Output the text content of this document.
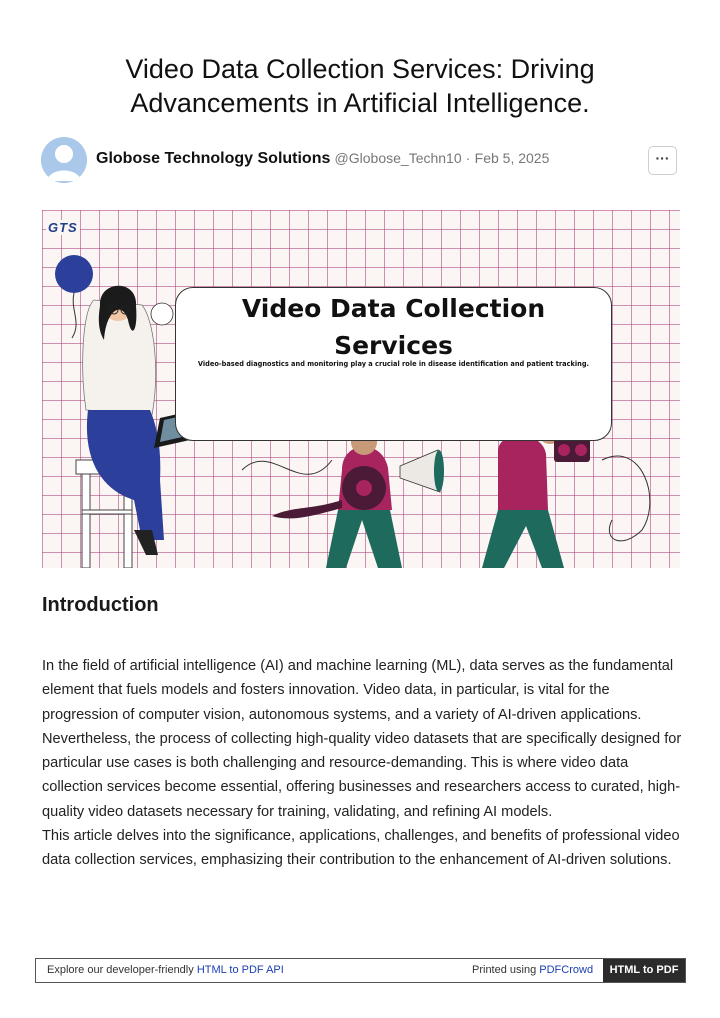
Video Data Collection Services: Driving
Advancements in Artificial Intelligence.
Globose Technology Solutions @Globose_Techn10 · Feb 5, 2025	···
GTS
Video Data Collection
Services
Video-based diagnostics and monitoring play a crucial role in disease identification and patient tracking.
Introduction

In the field of artificial intelligence (AI) and machine learning (ML), data serves as the fundamental element that fuels models and fosters innovation. Video data, in particular, is vital for the progression of computer vision, autonomous systems, and a variety of AI-driven applications. Nevertheless, the process of collecting high-quality video datasets that are specifically designed for particular use cases is both challenging and resource-demanding. This is where video data collection services become essential, offering businesses and researchers access to curated, high-quality video datasets necessary for training, validating, and refining AI models.

This article delves into the significance, applications, challenges, and benefits of professional video data collection services, emphasizing their contribution to the enhancement of AI-driven solutions.

Explore our developer-friendly HTML to PDF API	Printed using PDFCrowd	HTML to PDF
